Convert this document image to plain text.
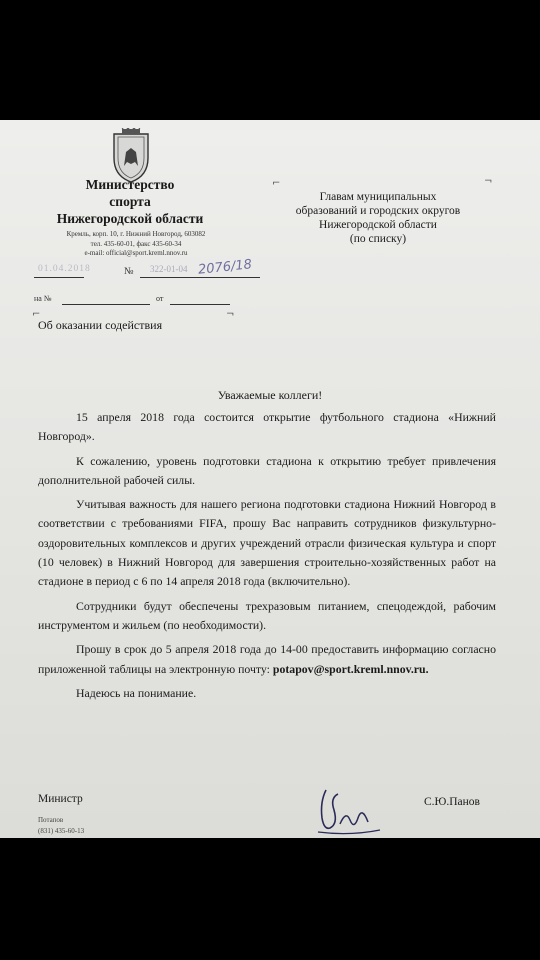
Министерство
спорта
Нижегородской области
Кремль, корп. 10, г. Нижний Новгород, 603082
тел. 435-60-01, факс 435-60-34
e-mail: official@sport.kreml.nnov.ru
⌐	¬
Главам муниципальных
образований и городских округов
Нижегородской области
(по списку)
01.04.2018	№ 322-01-04 2076/18
на №	от
⌐	¬
Об оказании содействия
Уважаемые коллеги!

15 апреля 2018 года состоится открытие футбольного стадиона «Нижний Новгород».

К сожалению, уровень подготовки стадиона к открытию требует привлечения дополнительной рабочей силы.

Учитывая важность для нашего региона подготовки стадиона Нижний Новгород в соответствии с требованиями FIFA, прошу Вас направить сотрудников физкультурно-оздоровительных комплексов и других учреждений отрасли физическая культура и спорт (10 человек) в Нижний Новгород для завершения строительно-хозяйственных работ на стадионе в период с 6 по 14 апреля 2018 года (включительно).

Сотрудники будут обеспечены трехразовым питанием, спецодеждой, рабочим инструментом и жильем (по необходимости).

Прошу в срок до 5 апреля 2018 года до 14-00 предоставить информацию согласно приложенной таблицы на электронную почту: potapov@sport.kreml.nnov.ru.

Надеюсь на понимание.

Министр	С.Ю.Панов
Потапов
(831) 435-60-13
